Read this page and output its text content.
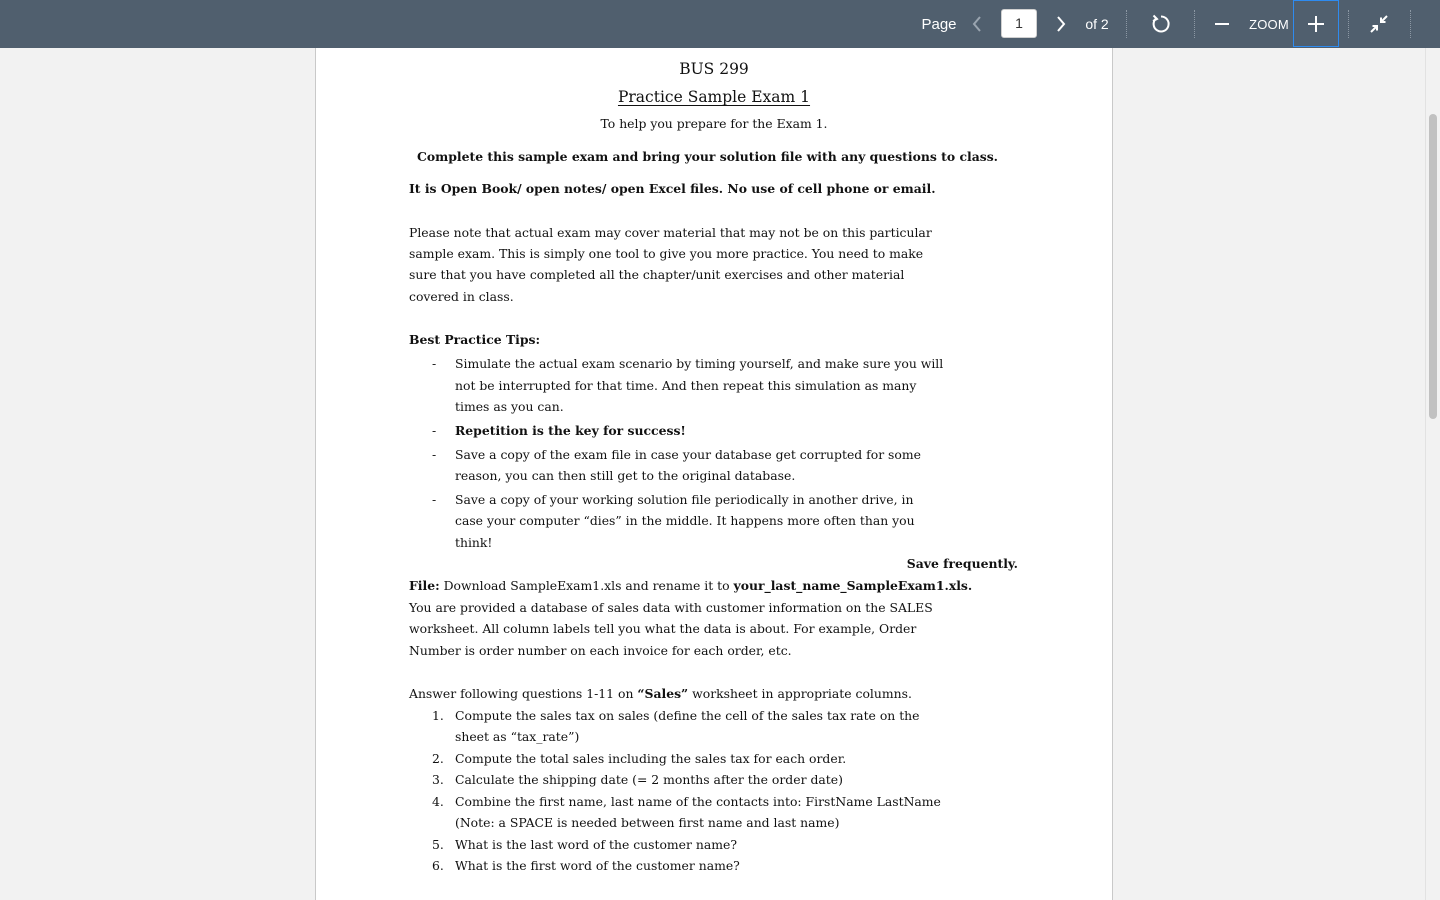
Page	1	of 2	ZOOM
BUS 299
Practice Sample Exam 1
To help you prepare for the Exam 1.
Complete this sample exam and bring your solution file with any questions to class.
It is Open Book/ open notes/ open Excel files. No use of cell phone or email.
Please note that actual exam may cover material that may not be on this particular
sample exam. This is simply one tool to give you more practice. You need to make
sure that you have completed all the chapter/unit exercises and other material
covered in class.
Best Practice Tips:
- Simulate the actual exam scenario by timing yourself, and make sure you will
not be interrupted for that time. And then repeat this simulation as many
times as you can.
- Repetition is the key for success!
- Save a copy of the exam file in case your database get corrupted for some
reason, you can then still get to the original database.
- Save a copy of your working solution file periodically in another drive, in
case your computer “dies” in the middle. It happens more often than you
think!
Save frequently.
File: Download SampleExam1.xls and rename it to your_last_name_SampleExam1.xls.
You are provided a database of sales data with customer information on the SALES
worksheet. All column labels tell you what the data is about. For example, Order
Number is order number on each invoice for each order, etc.
Answer following questions 1-11 on “Sales” worksheet in appropriate columns.
1. Compute the sales tax on sales (define the cell of the sales tax rate on the
sheet as “tax_rate”)
2. Compute the total sales including the sales tax for each order.
3. Calculate the shipping date (= 2 months after the order date)
4. Combine the first name, last name of the contacts into: FirstName LastName
(Note: a SPACE is needed between first name and last name)
5. What is the last word of the customer name?
6. What is the first word of the customer name?
